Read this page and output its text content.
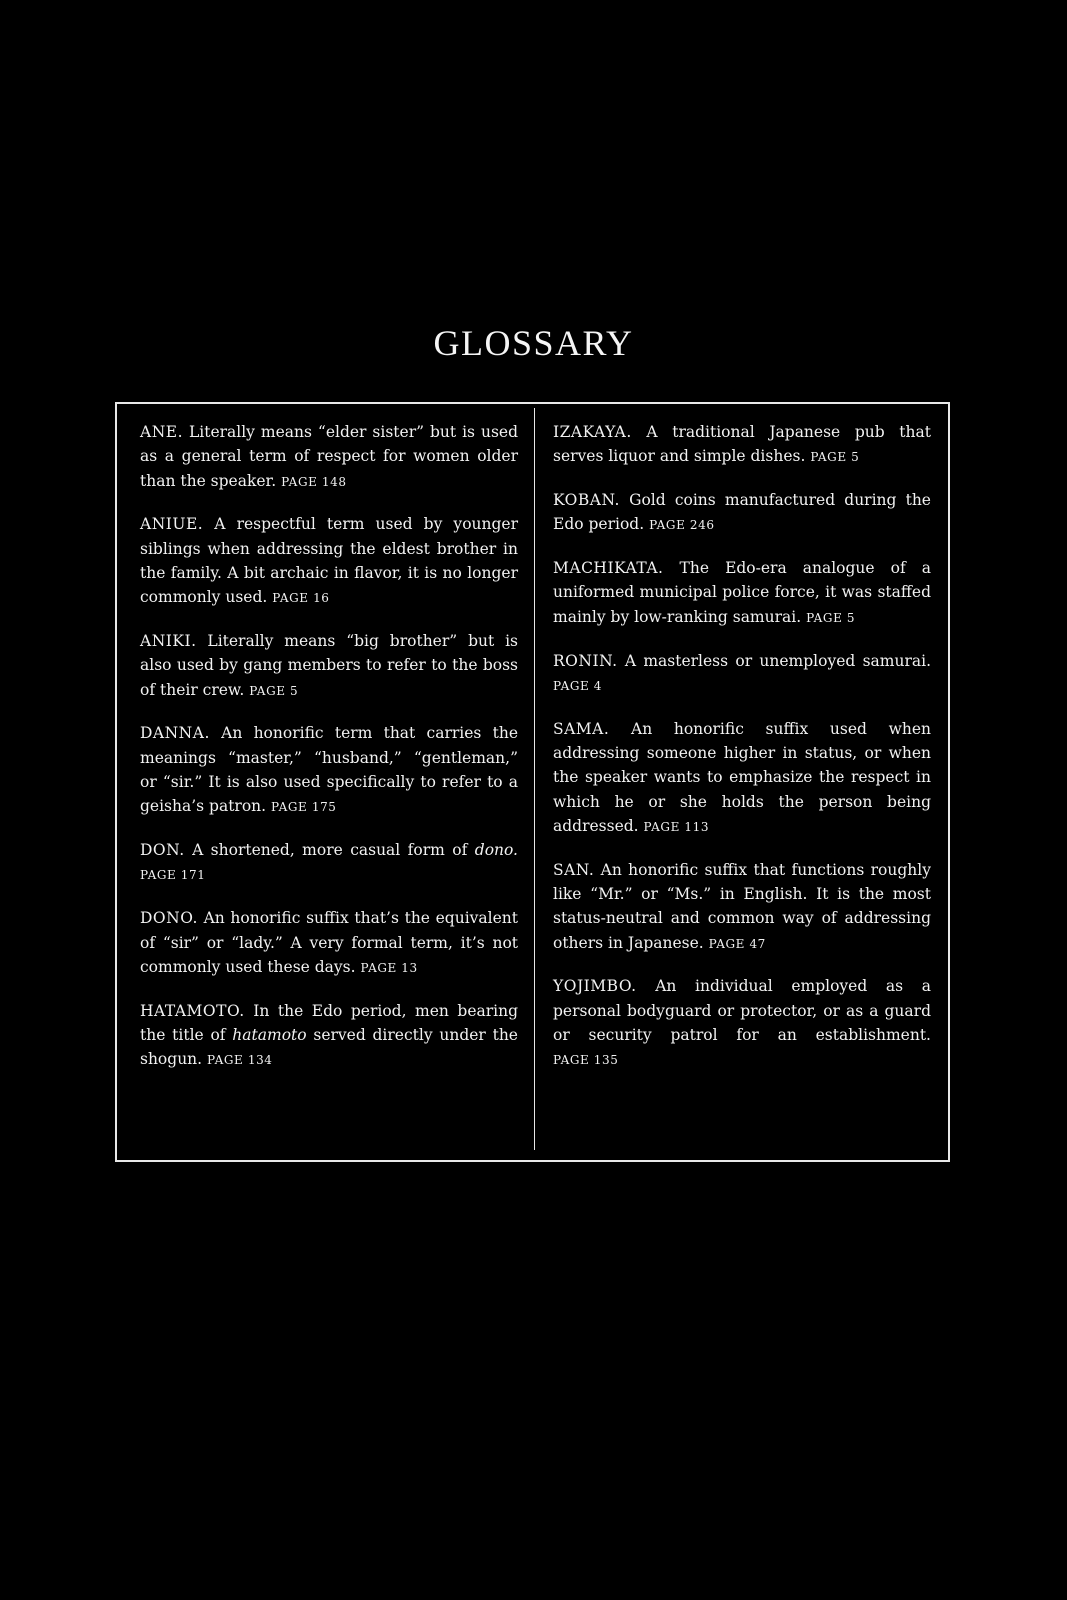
GLOSSARY

ANE. Literally means “elder sister” but is used as a general term of respect for women older than the speaker. PAGE 148

ANIUE. A respectful term used by younger siblings when addressing the eldest brother in the family. A bit archaic in flavor, it is no longer commonly used. PAGE 16

ANIKI. Literally means “big brother” but is also used by gang members to refer to the boss of their crew. PAGE 5

DANNA. An honorific term that carries the meanings “master,” “husband,” “gentleman,” or “sir.” It is also used specifically to refer to a geisha’s patron. PAGE 175

DON. A shortened, more casual form of dono. PAGE 171

DONO. An honorific suffix that’s the equivalent of “sir” or “lady.” A very formal term, it’s not commonly used these days. PAGE 13

HATAMOTO. In the Edo period, men bearing the title of hatamoto served directly under the shogun. PAGE 134

IZAKAYA. A traditional Japanese pub that serves liquor and simple dishes. PAGE 5

KOBAN. Gold coins manufactured during the Edo period. PAGE 246

MACHIKATA. The Edo-era analogue of a uniformed municipal police force, it was staffed mainly by low-ranking samurai. PAGE 5

RONIN. A masterless or unemployed samurai. PAGE 4

SAMA. An honorific suffix used when addressing someone higher in status, or when the speaker wants to emphasize the respect in which he or she holds the person being addressed. PAGE 113

SAN. An honorific suffix that functions roughly like “Mr.” or “Ms.” in English. It is the most status-neutral and common way of addressing others in Japanese. PAGE 47

YOJIMBO. An individual employed as a personal bodyguard or protector, or as a guard or security patrol for an establishment. PAGE 135
